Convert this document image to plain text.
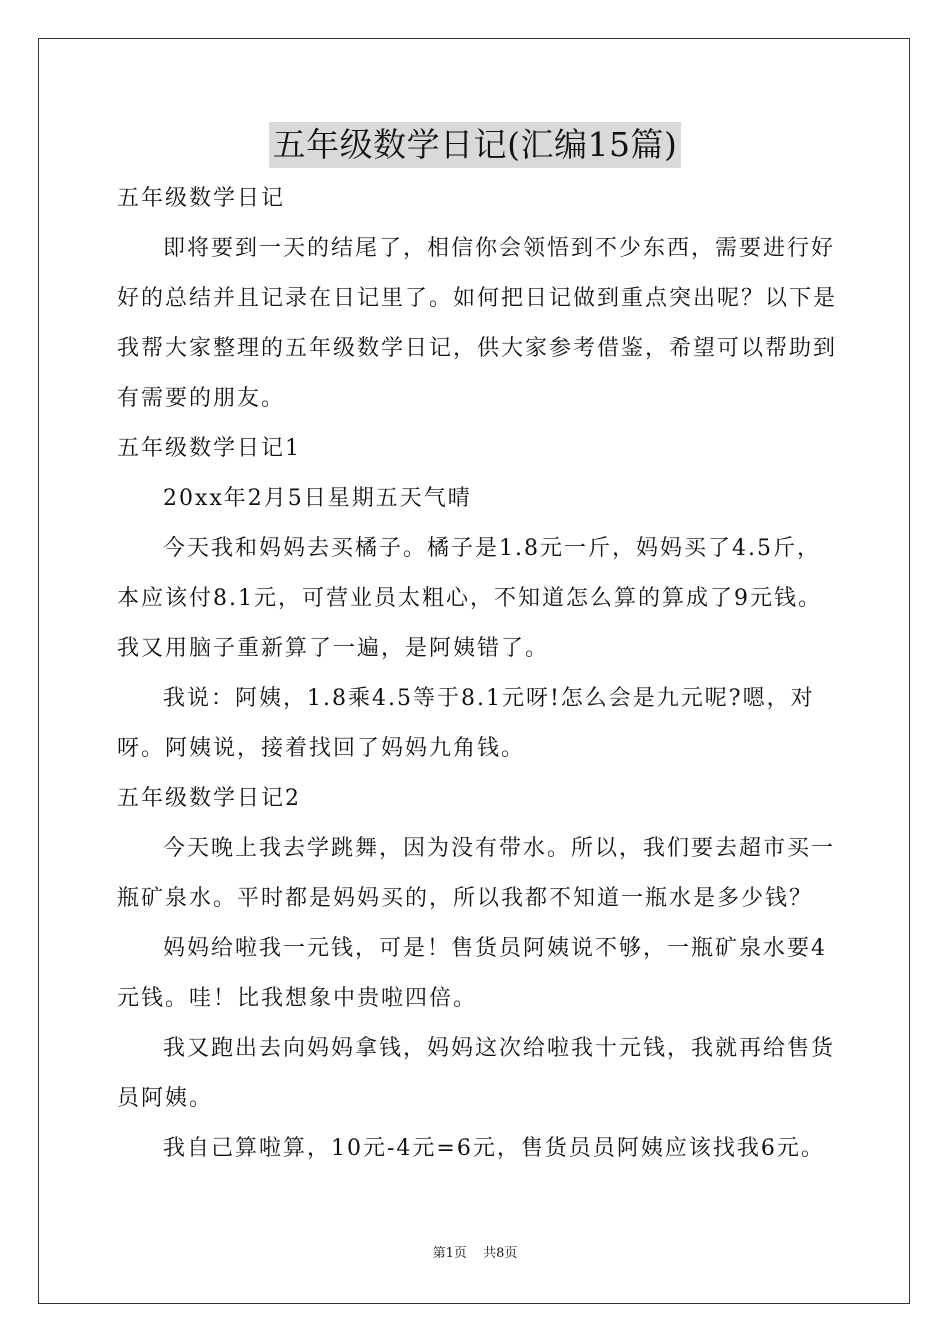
五年级数学日记(汇编15篇)
五年级数学日记
即将要到一天的结尾了，相信你会领悟到不少东西，需要进行好
好的总结并且记录在日记里了。如何把日记做到重点突出呢？以下是
我帮大家整理的五年级数学日记，供大家参考借鉴，希望可以帮助到
有需要的朋友。
五年级数学日记1
20xx年2月5日星期五天气晴
今天我和妈妈去买橘子。橘子是1.8元一斤，妈妈买了4.5斤，
本应该付8.1元，可营业员太粗心，不知道怎么算的算成了9元钱。
我又用脑子重新算了一遍，是阿姨错了。
我说：阿姨，1.8乘4.5等于8.1元呀!怎么会是九元呢?嗯，对
呀。阿姨说，接着找回了妈妈九角钱。
五年级数学日记2
今天晚上我去学跳舞，因为没有带水。所以，我们要去超市买一
瓶矿泉水。平时都是妈妈买的，所以我都不知道一瓶水是多少钱？
妈妈给啦我一元钱，可是！售货员阿姨说不够，一瓶矿泉水要4
元钱。哇！比我想象中贵啦四倍。
我又跑出去向妈妈拿钱，妈妈这次给啦我十元钱，我就再给售货
员阿姨。
我自己算啦算，10元-4元=6元，售货员员阿姨应该找我6元。
第1页 共8页
